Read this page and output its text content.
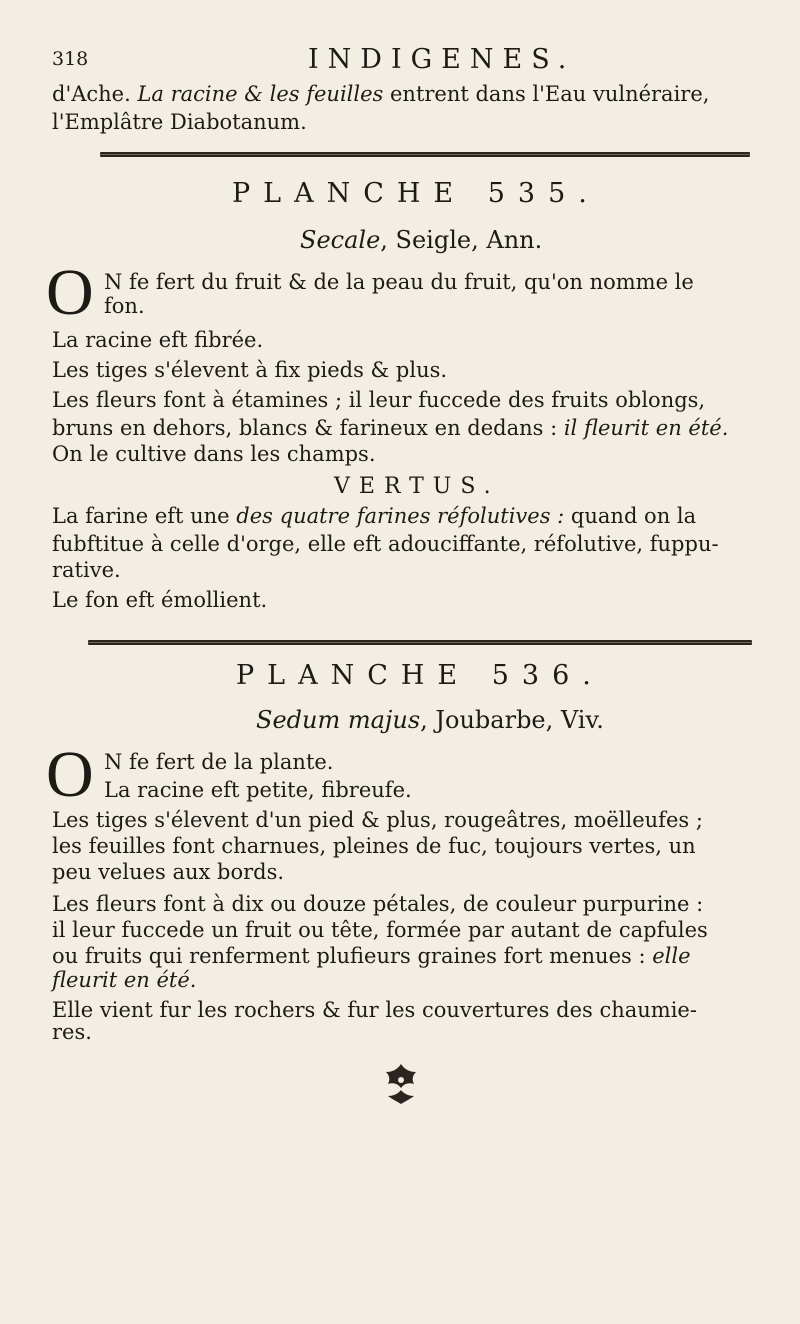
318	INDIGENES.
d'Ache. La racine & les feuilles entrent dans l'Eau vulnéraire,
l'Emplâtre Diabotanum.
PLANCHE 535.
Secale, Seigle, Ann.
O N fe fert du fruit & de la peau du fruit, qu'on nomme le
fon.
La racine eft fibrée.
Les tiges s'élevent à fix pieds & plus.
Les fleurs font à étamines ; il leur fuccede des fruits oblongs,
bruns en dehors, blancs & farineux en dedans : il fleurit en été.
On le cultive dans les champs.
VERTUS.
La farine eft une des quatre farines réfolutives : quand on la
fubftitue à celle d'orge, elle eft adouciffante, réfolutive, fuppu-
rative.
Le fon eft émollient.
PLANCHE 536.
Sedum majus, Joubarbe, Viv.
O N fe fert de la plante.
La racine eft petite, fibreufe.
Les tiges s'élevent d'un pied & plus, rougeâtres, moëlleufes ;
les feuilles font charnues, pleines de fuc, toujours vertes, un
peu velues aux bords.
Les fleurs font à dix ou douze pétales, de couleur purpurine :
il leur fuccede un fruit ou tête, formée par autant de capfules
ou fruits qui renferment plufieurs graines fort menues : elle
fleurit en été.
Elle vient fur les rochers & fur les couvertures des chaumie-
res.
